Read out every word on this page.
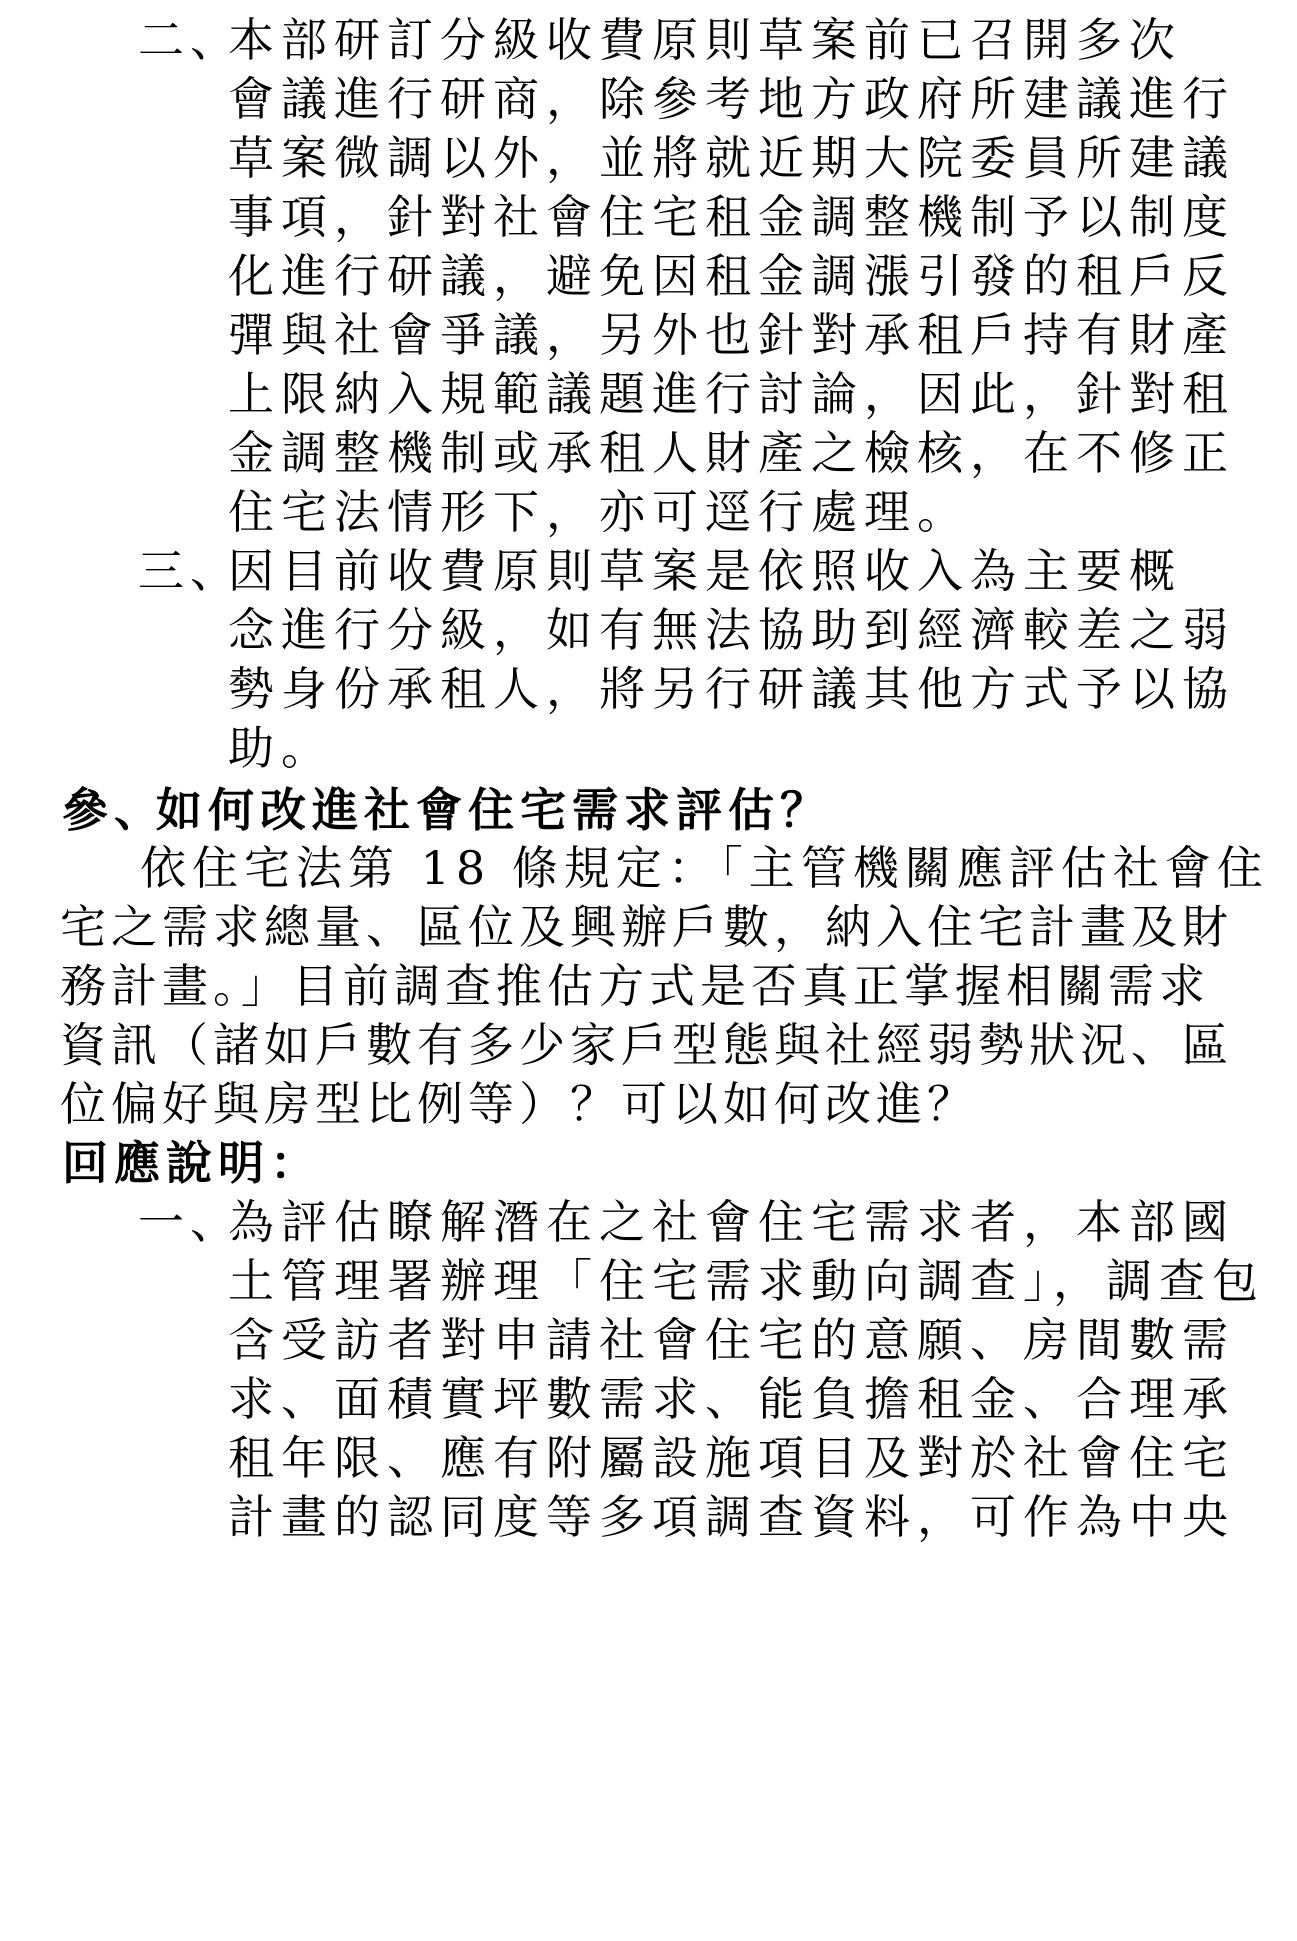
二、
本部研訂分級收費原則草案前已召開多次
會議進行研商，除參考地方政府所建議進行
草案微調以外，並將就近期大院委員所建議
事項，針對社會住宅租金調整機制予以制度
化進行研議，避免因租金調漲引發的租戶反
彈與社會爭議，另外也針對承租戶持有財產
上限納入規範議題進行討論，因此，針對租
金調整機制或承租人財產之檢核，在不修正
住宅法情形下，亦可逕行處理。
三、
因目前收費原則草案是依照收入為主要概
念進行分級，如有無法協助到經濟較差之弱
勢身份承租人，將另行研議其他方式予以協
助。
參、
如何改進社會住宅需求評估？
依住宅法第 18 條規定：「主管機關應評估社會住
宅之需求總量、區位及興辦戶數，納入住宅計畫及財
務計畫。」目前調查推估方式是否真正掌握相關需求
資訊（諸如戶數有多少家戶型態與社經弱勢狀況、區
位偏好與房型比例等）？可以如何改進？
回應說明：
一、
為評估瞭解潛在之社會住宅需求者，本部國
土管理署辦理「住宅需求動向調查」，調查包
含受訪者對申請社會住宅的意願、房間數需
求、面積實坪數需求、能負擔租金、合理承
租年限、應有附屬設施項目及對於社會住宅
計畫的認同度等多項調查資料，可作為中央
